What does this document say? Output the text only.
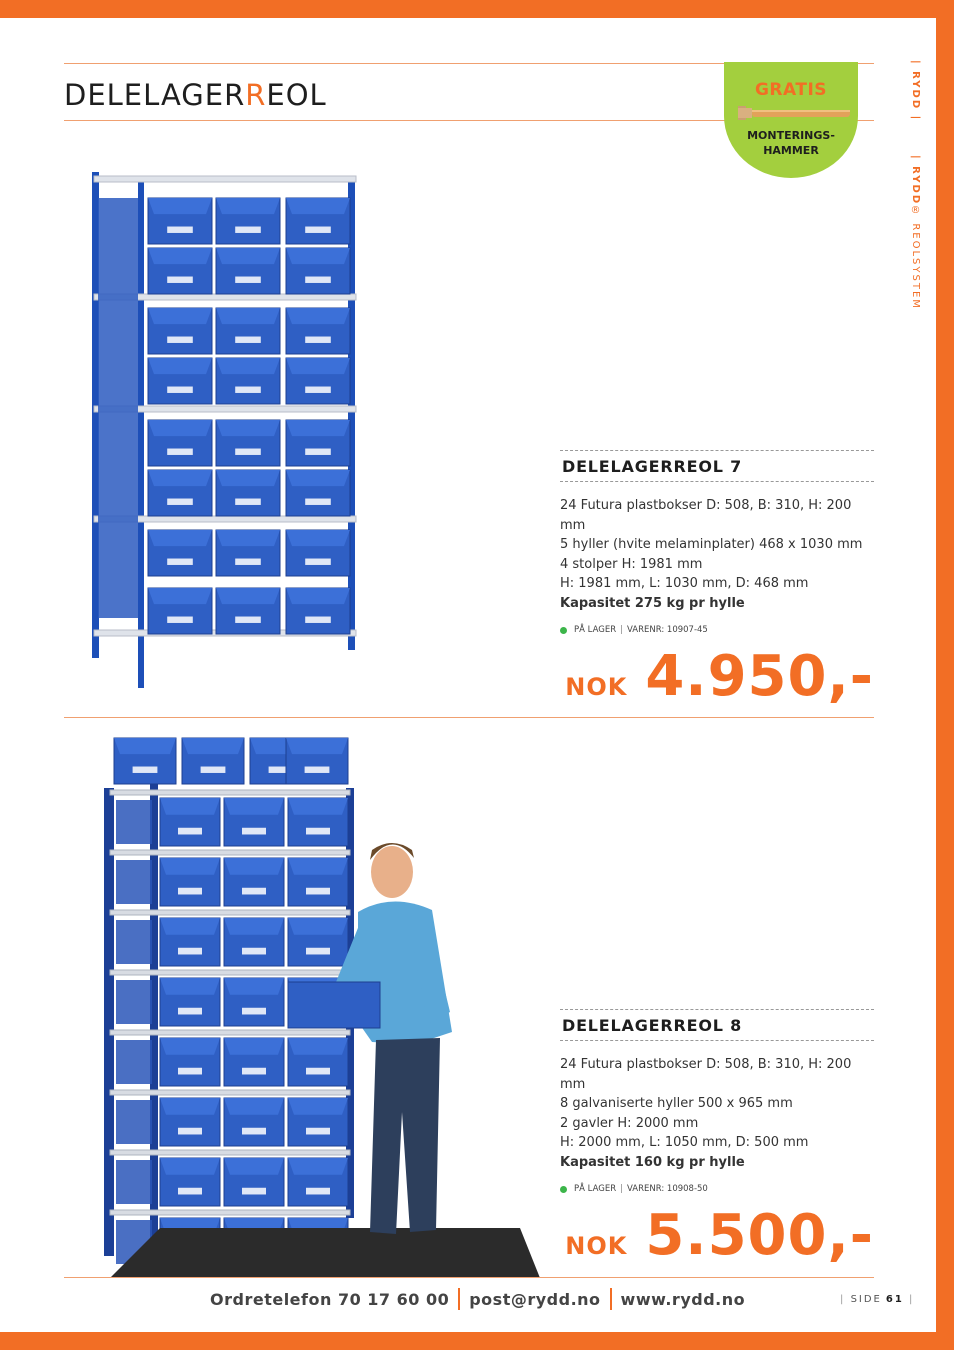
DELELAGERREOL	GRATIS
MONTERINGS-
HAMMER
| RYDD |
| RYDD® REOLSYSTEM
DELELAGERREOL 7
24 Futura plastbokser D: 508, B: 310, H: 200 mm
5 hyller (hvite melaminplater) 468 x 1030 mm
4 stolper H: 1981 mm
H: 1981 mm, L: 1030 mm, D: 468 mm
Kapasitet 275 kg pr hylle
PÅ LAGER | VARENR: 10907-45
NOK 4.950,-
DELELAGERREOL 8
24 Futura plastbokser D: 508, B: 310, H: 200 mm
8 galvaniserte hyller 500 x 965 mm
2 gavler H: 2000 mm
H: 2000 mm, L: 1050 mm, D: 500 mm
Kapasitet 160 kg pr hylle
PÅ LAGER | VARENR: 10908-50
NOK 5.500,-
Ordretelefon 70 17 60 00 post@rydd.no www.rydd.no	| SIDE 61 |
